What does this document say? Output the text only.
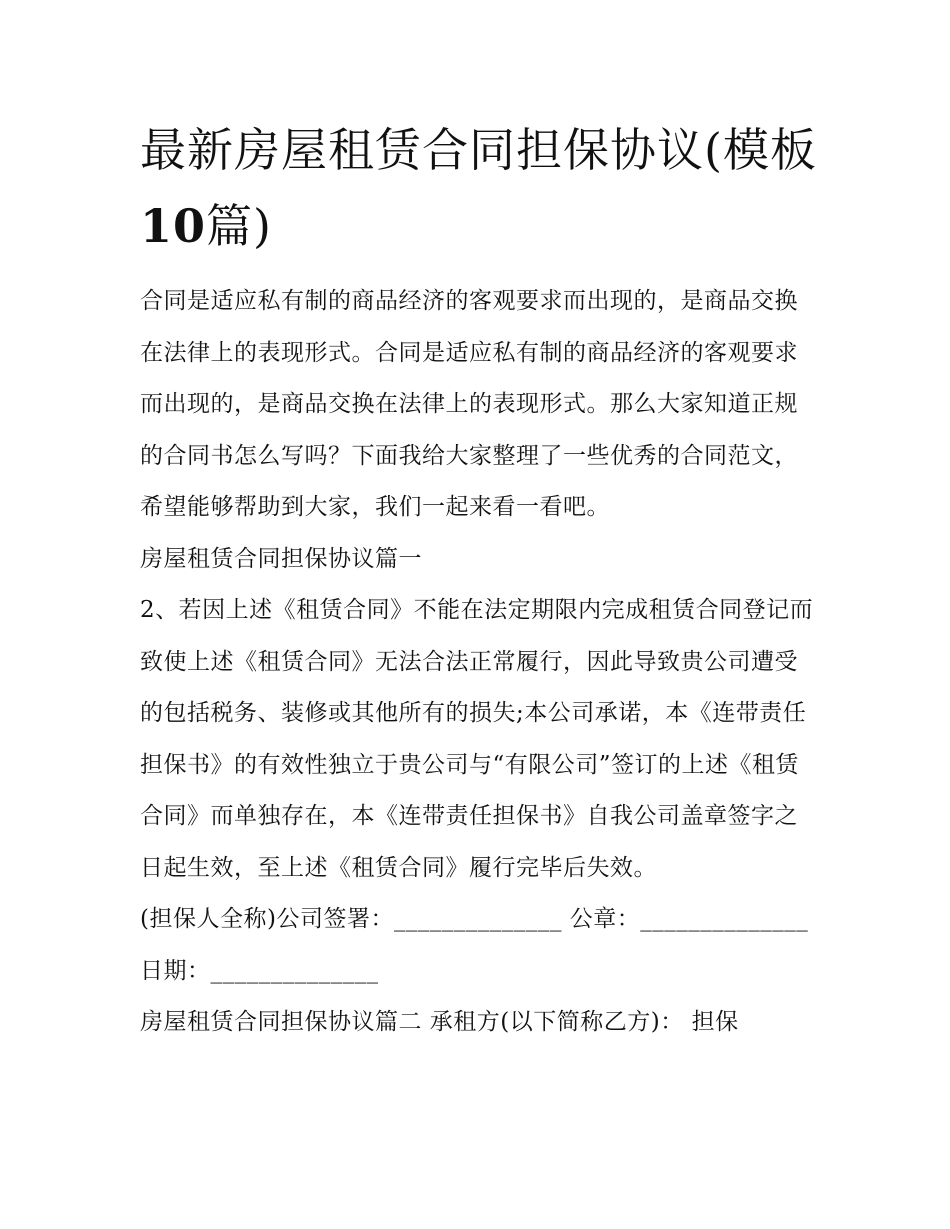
最新房屋租赁合同担保协议(模板10篇)

合同是适应私有制的商品经济的客观要求而出现的，是商品交换在法律上的表现形式。合同是适应私有制的商品经济的客观要求而出现的，是商品交换在法律上的表现形式。那么大家知道正规的合同书怎么写吗？下面我给大家整理了一些优秀的合同范文，希望能够帮助到大家，我们一起来看一看吧。

房屋租赁合同担保协议篇一

2、若因上述《租赁合同》不能在法定期限内完成租赁合同登记而致使上述《租赁合同》无法合法正常履行，因此导致贵公司遭受的包括税务、装修或其他所有的损失;本公司承诺，本《连带责任担保书》的有效性独立于贵公司与“有限公司”签订的上述《租赁合同》而单独存在，本《连带责任担保书》自我公司盖章签字之日起生效，至上述《租赁合同》履行完毕后失效。

(担保人全称)公司签署：______________ 公章：______________

日期：______________

房屋租赁合同担保协议篇二 承租方(以下简称乙方)： 担保
